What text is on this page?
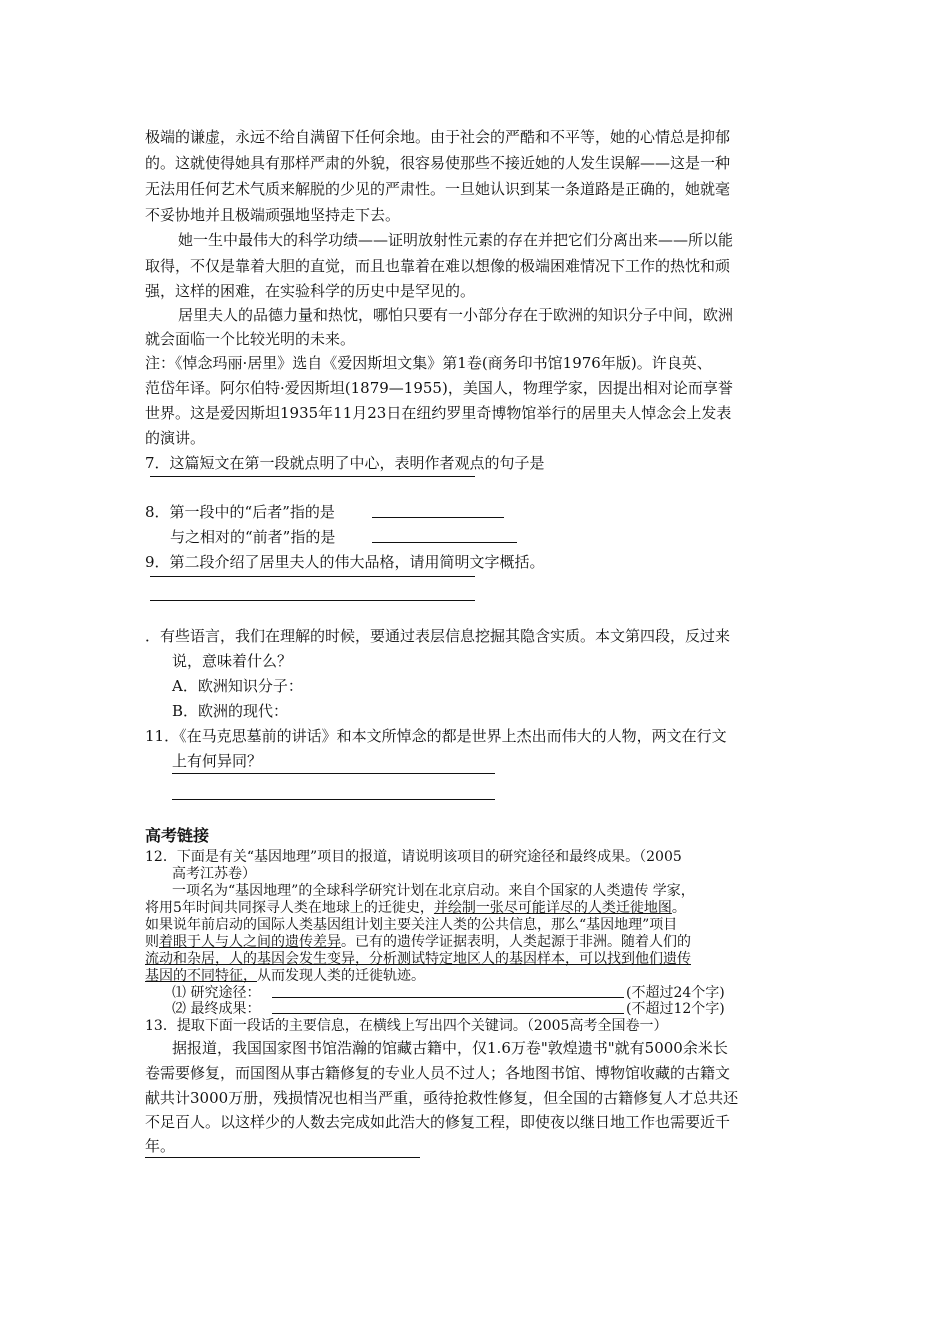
极端的谦虚，永远不给自满留下任何余地。由于社会的严酷和不平等，她的心情总是抑郁
的。这就使得她具有那样严肃的外貌，很容易使那些不接近她的人发生误解——这是一种
无法用任何艺术气质来解脱的少见的严肃性。一旦她认识到某一条道路是正确的，她就毫
不妥协地并且极端顽强地坚持走下去。
她一生中最伟大的科学功绩——证明放射性元素的存在并把它们分离出来——所以能
取得，不仅是靠着大胆的直觉，而且也靠着在难以想像的极端困难情况下工作的热忱和顽
强，这样的困难，在实验科学的历史中是罕见的。
居里夫人的品德力量和热忱，哪怕只要有一小部分存在于欧洲的知识分子中间，欧洲
就会面临一个比较光明的未来。
注：《悼念玛丽·居里》选自《爱因斯坦文集》第1卷(商务印书馆1976年版)。许良英、
范岱年译。阿尔伯特·爱因斯坦(1879—1955)，美国人，物理学家，因提出相对论而享誉
世界。这是爱因斯坦1935年11月23日在纽约罗里奇博物馆举行的居里夫人悼念会上发表
的演讲。
7．这篇短文在第一段就点明了中心，表明作者观点的句子是
8．第一段中的“后者”指的是
与之相对的“前者”指的是
9．第二段介绍了居里夫人的伟大品格，请用简明文字概括。
．有些语言，我们在理解的时候，要通过表层信息挖掘其隐含实质。本文第四段，反过来
说，意味着什么？
A．欧洲知识分子：
B．欧洲的现代：
11．《在马克思墓前的讲话》和本文所悼念的都是世界上杰出而伟大的人物，两文在行文
上有何异同？
高考链接
12．下面是有关“基因地理”项目的报道，请说明该项目的研究途径和最终成果。（2005
高考江苏卷）
一项名为“基因地理”的全球科学研究计划在北京启动。来自个国家的人类遗传 学家，
将用5年时间共同探寻人类在地球上的迁徙史，并绘制一张尽可能详尽的人类迁徙地图。
如果说年前启动的国际人类基因组计划主要关注人类的公共信息，那么“基因地理”项目
则着眼于人与人之间的遗传差异。已有的遗传学证据表明，人类起源于非洲。随着人们的
流动和杂居，人的基因会发生变异，分析测试特定地区人的基因样本，可以找到他们遗传
基因的不同特征，从而发现人类的迁徙轨迹。
⑴ 研究途径：	(不超过24个字)
⑵ 最终成果：	(不超过12个字)
13．提取下面一段话的主要信息，在横线上写出四个关键词。（2005高考全国卷一）
据报道，我国国家图书馆浩瀚的馆藏古籍中，仅1.6万卷"敦煌遗书"就有5000余米长
卷需要修复，而国图从事古籍修复的专业人员不过人；各地图书馆、博物馆收藏的古籍文
献共计3000万册，残损情况也相当严重，亟待抢救性修复，但全国的古籍修复人才总共还
不足百人。以这样少的人数去完成如此浩大的修复工程，即使夜以继日地工作也需要近千
年。
